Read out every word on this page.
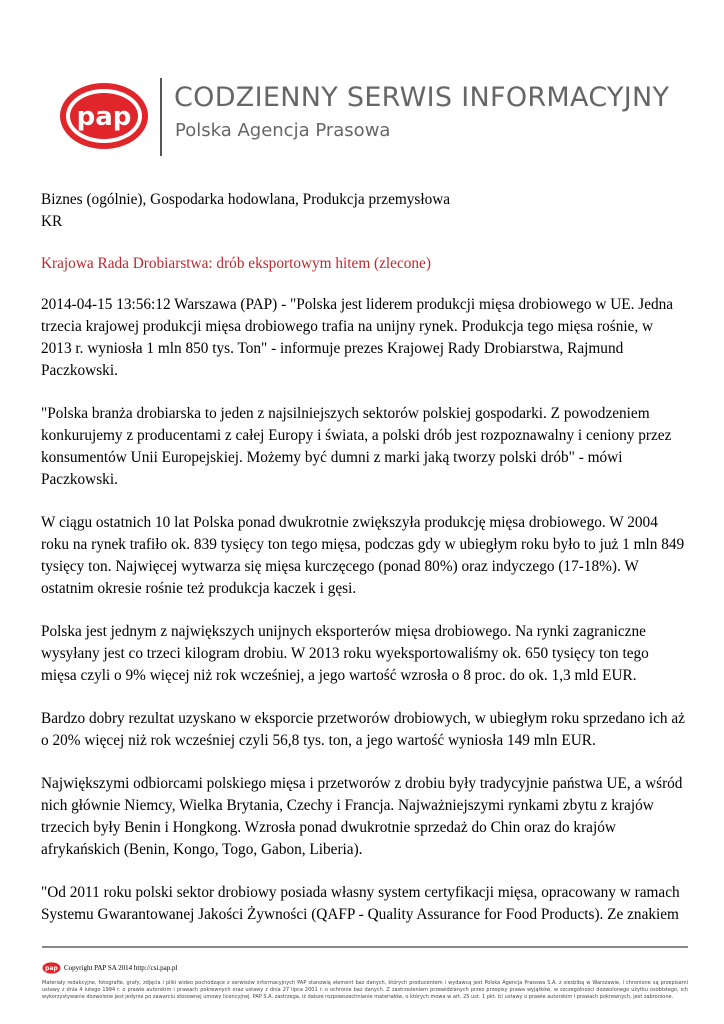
pap
CODZIENNY SERWIS INFORMACYJNY
Polska Agencja Prasowa
Biznes (ogólnie), Gospodarka hodowlana, Produkcja przemysłowa
KR
Krajowa Rada Drobiarstwa: drób eksportowym hitem (zlecone)

2014-04-15 13:56:12 Warszawa (PAP) - "Polska jest liderem produkcji mięsa drobiowego w UE. Jedna trzecia krajowej produkcji mięsa drobiowego trafia na unijny rynek. Produkcja tego mięsa rośnie, w 2013 r. wyniosła 1 mln 850 tys. Ton" - informuje prezes Krajowej Rady Drobiarstwa, Rajmund Paczkowski.

"Polska branża drobiarska to jeden z najsilniejszych sektorów polskiej gospodarki. Z powodzeniem konkurujemy z producentami z całej Europy i świata, a polski drób jest rozpoznawalny i ceniony przez konsumentów Unii Europejskiej. Możemy być dumni z marki jaką tworzy polski drób" - mówi Paczkowski.

W ciągu ostatnich 10 lat Polska ponad dwukrotnie zwiększyła produkcję mięsa drobiowego. W 2004 roku na rynek trafiło ok. 839 tysięcy ton tego mięsa, podczas gdy w ubiegłym roku było to już 1 mln 849 tysięcy ton. Najwięcej wytwarza się mięsa kurczęcego (ponad 80%) oraz indyczego (17-18%). W ostatnim okresie rośnie też produkcja kaczek i gęsi.

Polska jest jednym z największych unijnych eksporterów mięsa drobiowego. Na rynki zagraniczne wysyłany jest co trzeci kilogram drobiu. W 2013 roku wyeksportowaliśmy ok. 650 tysięcy ton tego mięsa czyli o 9% więcej niż rok wcześniej, a jego wartość wzrosła o 8 proc. do ok. 1,3 mld EUR.

Bardzo dobry rezultat uzyskano w eksporcie przetworów drobiowych, w ubiegłym roku sprzedano ich aż o 20% więcej niż rok wcześniej czyli 56,8 tys. ton, a jego wartość wyniosła 149 mln EUR.

Największymi odbiorcami polskiego mięsa i przetworów z drobiu były tradycyjnie państwa UE, a wśród nich głównie Niemcy, Wielka Brytania, Czechy i Francja. Najważniejszymi rynkami zbytu z krajów trzecich były Benin i Hongkong. Wzrosła ponad dwukrotnie sprzedaż do Chin oraz do krajów afrykańskich (Benin, Kongo, Togo, Gabon, Liberia).

"Od 2011 roku polski sektor drobiowy posiada własny system certyfikacji mięsa, opracowany w ramach Systemu Gwarantowanej Jakości Żywności (QAFP - Quality Assurance for Food Products). Ze znakiem

pap Copyright PAP SA 2014 http://csi.pap.pl
Materiały redakcyjne, fotografie, grafy, zdjęcia i pliki wideo pochodzące z serwisów informacyjnych PAP stanowią element baz danych, których producentem i wydawcą jest Polska Agencja Prasowa S.A. z siedzibą w Warszawie, i chronione są przepisami ustawy z dnia 4 lutego 1994 r. o prawie autorskim i prawach pokrewnych oraz ustawy z dnia 27 lipca 2001 r. o ochronie baz danych. Z zastrzeżeniem przewidzianych przez przepisy prawa wyjątków, w szczególności dozwolonego użytku osobistego, ich wykorzystywanie dozwolone jest jedynie po zawarciu stosownej umowy licencyjnej. PAP S.A. zastrzega, iż dalsze rozpowszechnianie materiałów, o których mowa w art. 25 ust. 1 pkt. b) ustawy o prawie autorskim i prawach pokrewnych, jest zabronione.
